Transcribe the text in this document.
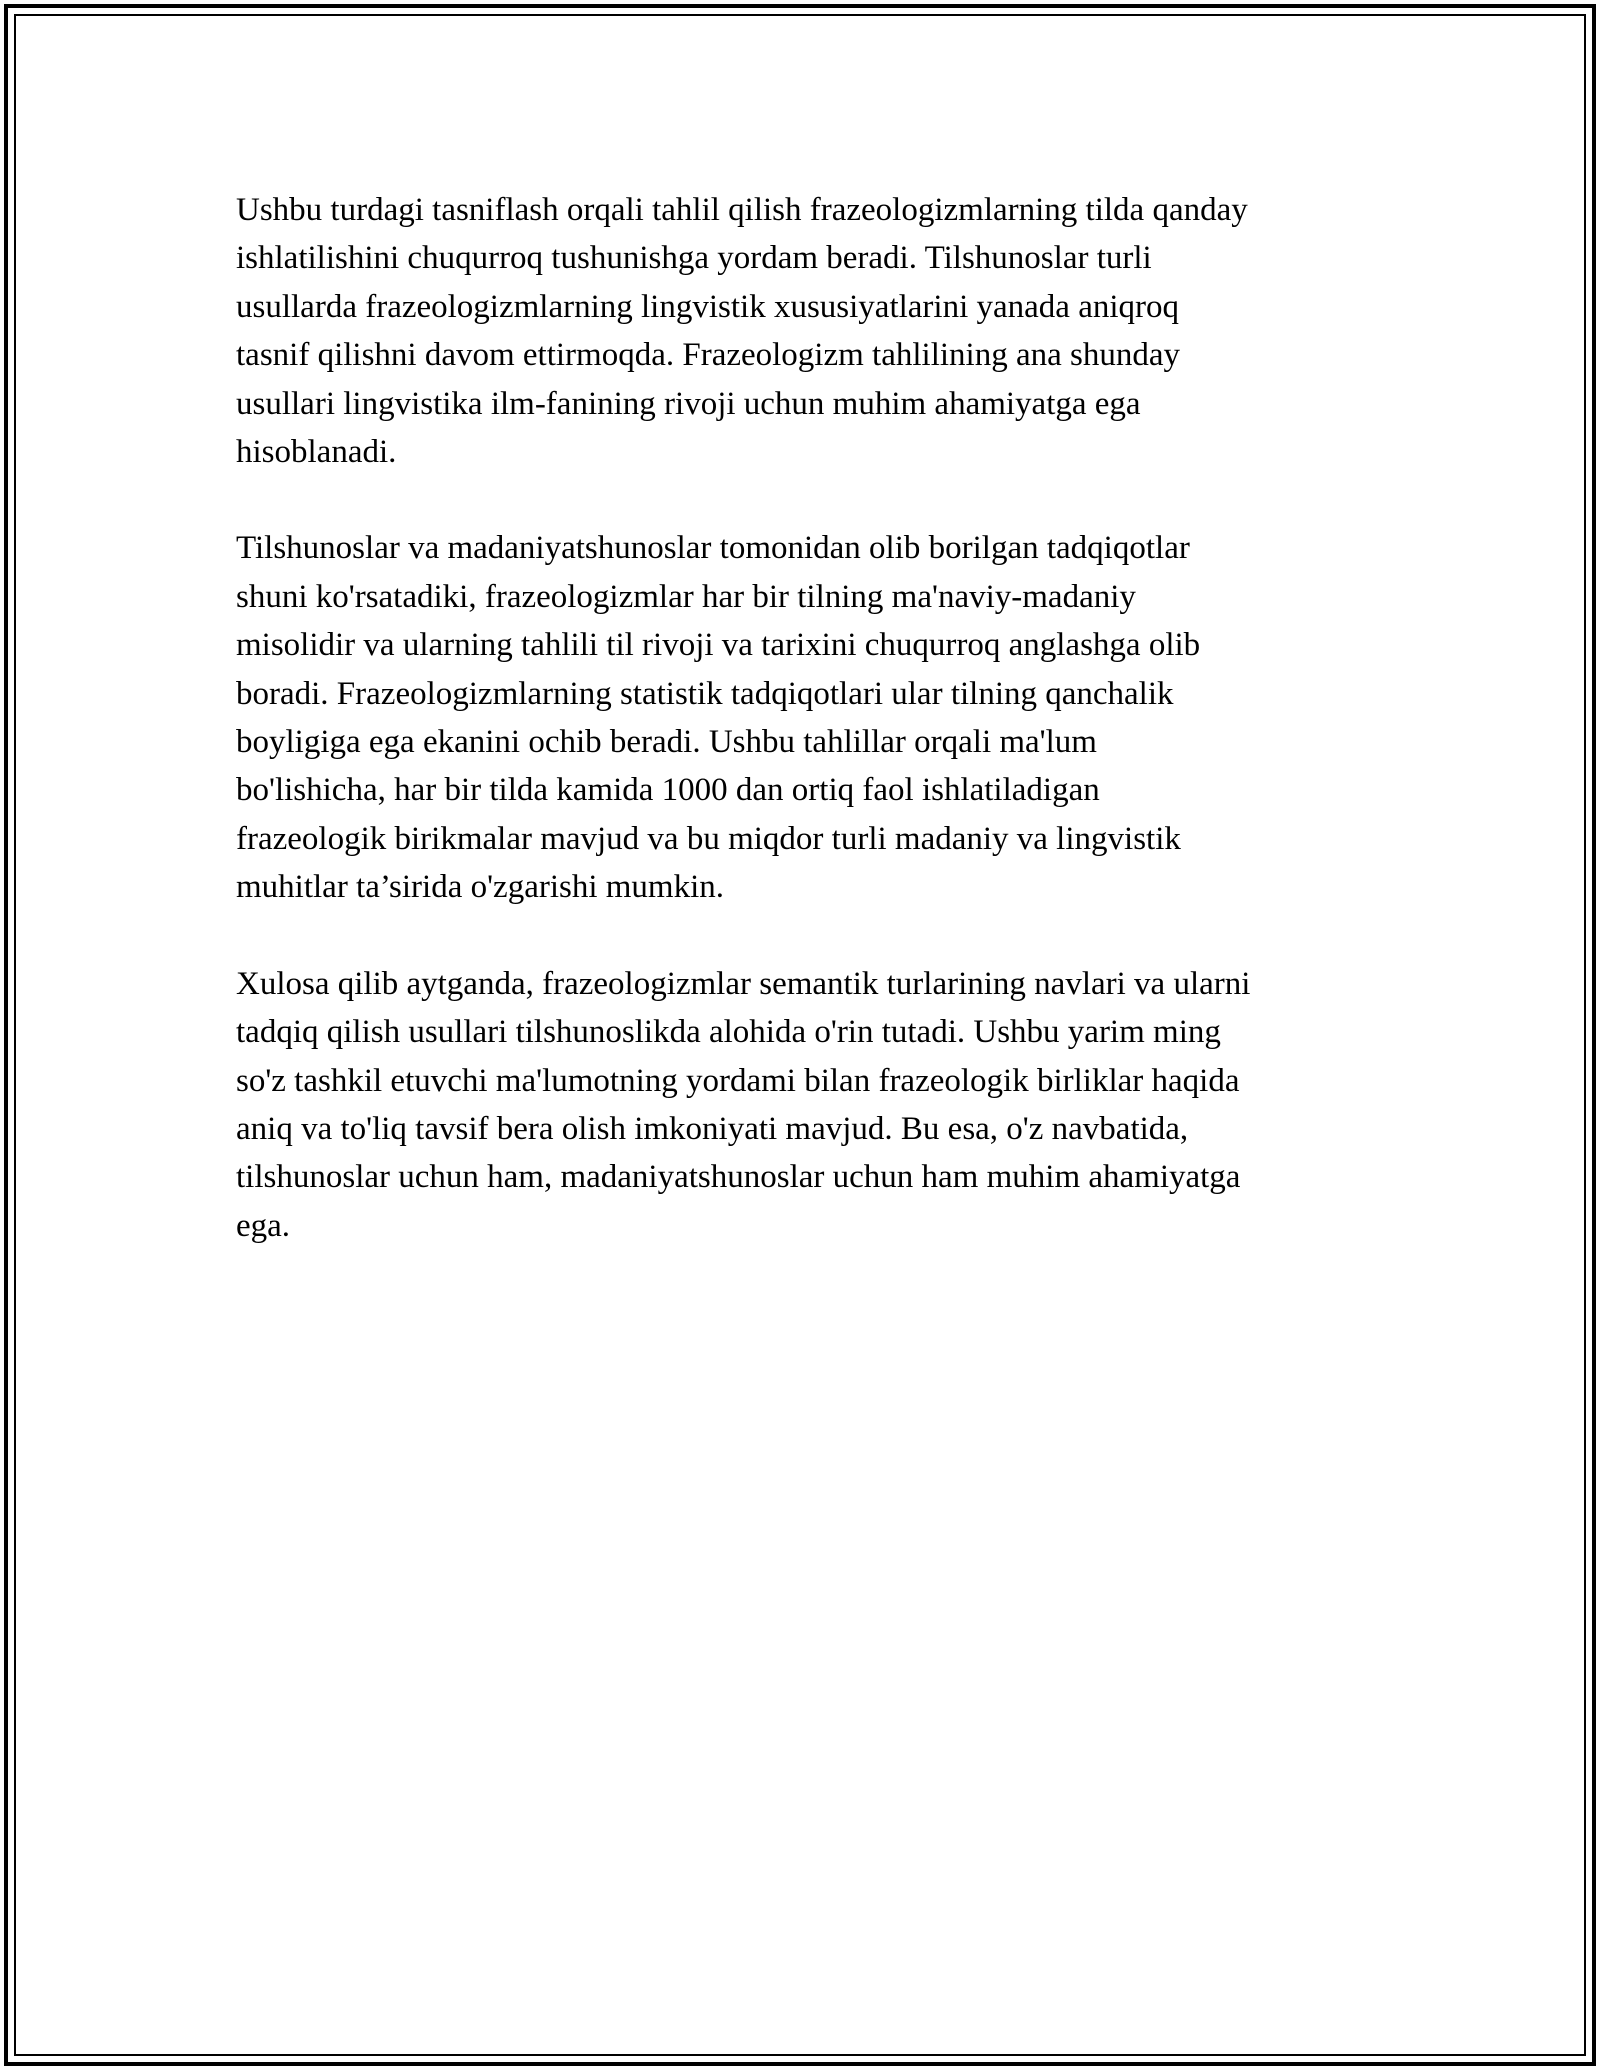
Ushbu turdagi tasniflash orqali tahlil qilish frazeologizmlarning tilda qanday
ishlatilishini chuqurroq tushunishga yordam beradi. Tilshunoslar turli
usullarda frazeologizmlarning lingvistik xususiyatlarini yanada aniqroq
tasnif qilishni davom ettirmoqda. Frazeologizm tahlilining ana shunday
usullari lingvistika ilm-fanining rivoji uchun muhim ahamiyatga ega
hisoblanadi.

Tilshunoslar va madaniyatshunoslar tomonidan olib borilgan tadqiqotlar
shuni ko'rsatadiki, frazeologizmlar har bir tilning ma'naviy-madaniy
misolidir va ularning tahlili til rivoji va tarixini chuqurroq anglashga olib
boradi. Frazeologizmlarning statistik tadqiqotlari ular tilning qanchalik
boyligiga ega ekanini ochib beradi. Ushbu tahlillar orqali ma'lum
bo'lishicha, har bir tilda kamida 1000 dan ortiq faol ishlatiladigan
frazeologik birikmalar mavjud va bu miqdor turli madaniy va lingvistik
muhitlar ta’sirida o'zgarishi mumkin.

Xulosa qilib aytganda, frazeologizmlar semantik turlarining navlari va ularni
tadqiq qilish usullari tilshunoslikda alohida o'rin tutadi. Ushbu yarim ming
so'z tashkil etuvchi ma'lumotning yordami bilan frazeologik birliklar haqida
aniq va to'liq tavsif bera olish imkoniyati mavjud. Bu esa, o'z navbatida,
tilshunoslar uchun ham, madaniyatshunoslar uchun ham muhim ahamiyatga
ega.
